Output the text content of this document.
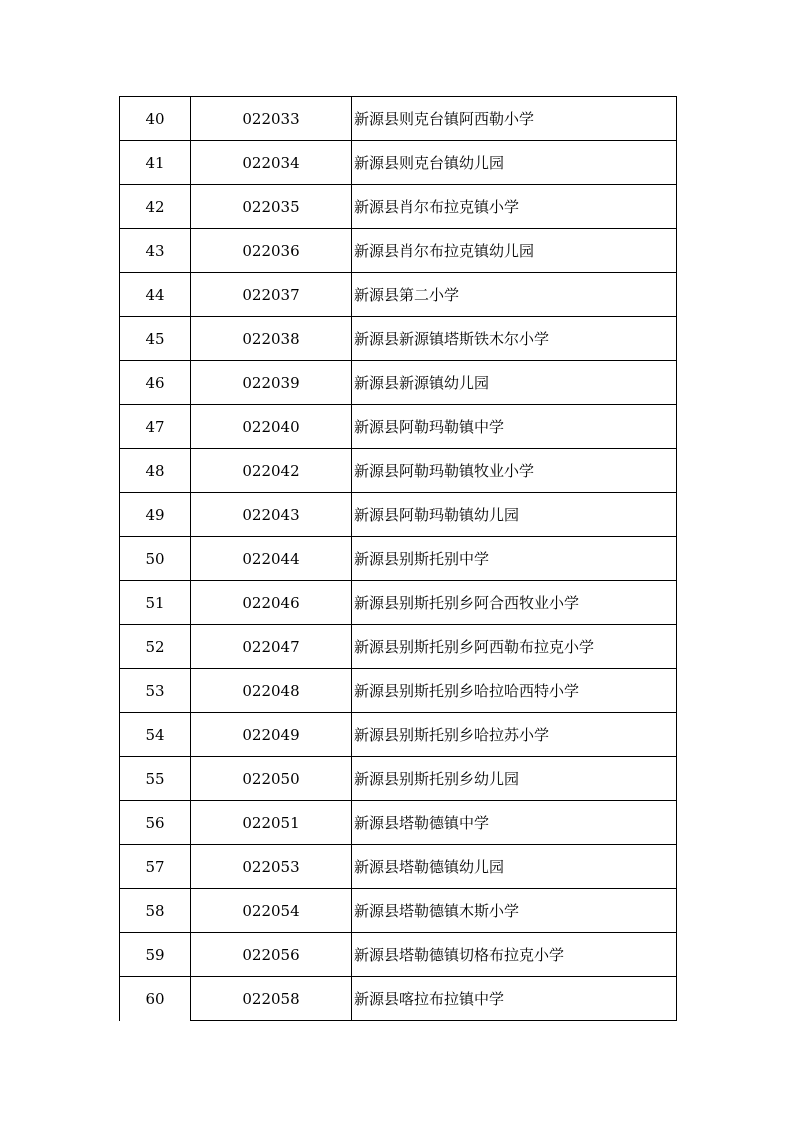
40	022033	新源县则克台镇阿西勒小学
41	022034	新源县则克台镇幼儿园
42	022035	新源县肖尔布拉克镇小学
43	022036	新源县肖尔布拉克镇幼儿园
44	022037	新源县第二小学
45	022038	新源县新源镇塔斯铁木尔小学
46	022039	新源县新源镇幼儿园
47	022040	新源县阿勒玛勒镇中学
48	022042	新源县阿勒玛勒镇牧业小学
49	022043	新源县阿勒玛勒镇幼儿园
50	022044	新源县别斯托别中学
51	022046	新源县别斯托别乡阿合西牧业小学
52	022047	新源县别斯托别乡阿西勒布拉克小学
53	022048	新源县别斯托别乡哈拉哈西特小学
54	022049	新源县别斯托别乡哈拉苏小学
55	022050	新源县别斯托别乡幼儿园
56	022051	新源县塔勒德镇中学
57	022053	新源县塔勒德镇幼儿园
58	022054	新源县塔勒德镇木斯小学
59	022056	新源县塔勒德镇切格布拉克小学
60	022058	新源县喀拉布拉镇中学
